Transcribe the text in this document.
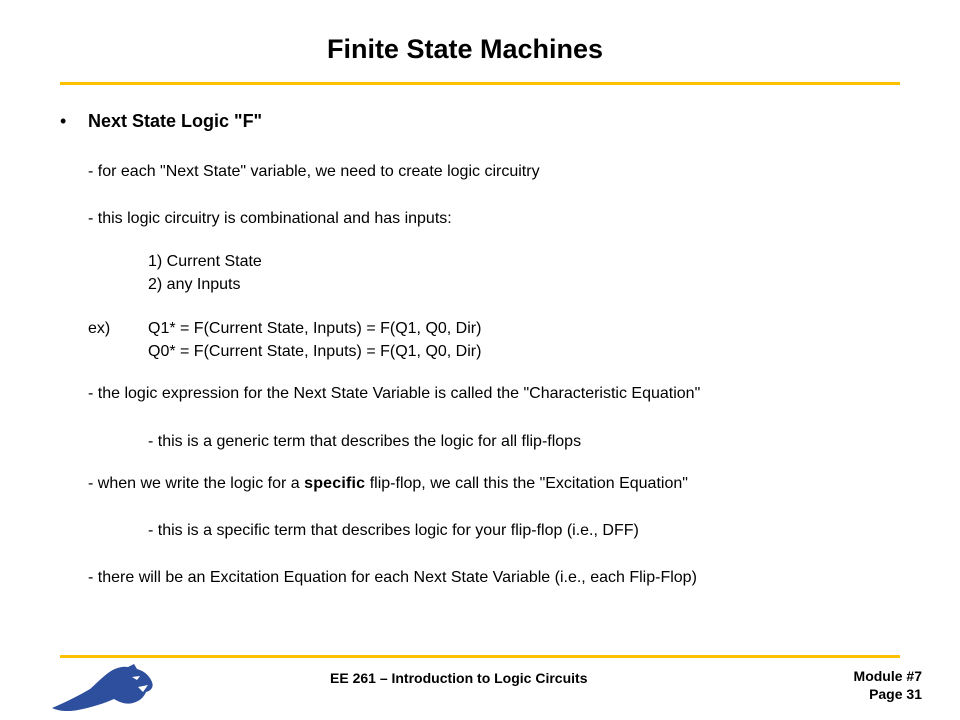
Finite State Machines
• Next State Logic "F"
- for each "Next State" variable, we need to create logic circuitry
- this logic circuitry is combinational and has inputs:
1) Current State
2) any Inputs
ex) Q1* = F(Current State, Inputs) = F(Q1, Q0, Dir)
Q0* = F(Current State, Inputs) = F(Q1, Q0, Dir)
- the logic expression for the Next State Variable is called the "Characteristic Equation"
- this is a generic term that describes the logic for all flip-flops
- when we write the logic for a specific flip-flop, we call this the "Excitation Equation"
- this is a specific term that describes logic for your flip-flop (i.e., DFF)
- there will be an Excitation Equation for each Next State Variable (i.e., each Flip-Flop)
EE 261 – Introduction to Logic Circuits	Module #7
Page 31
